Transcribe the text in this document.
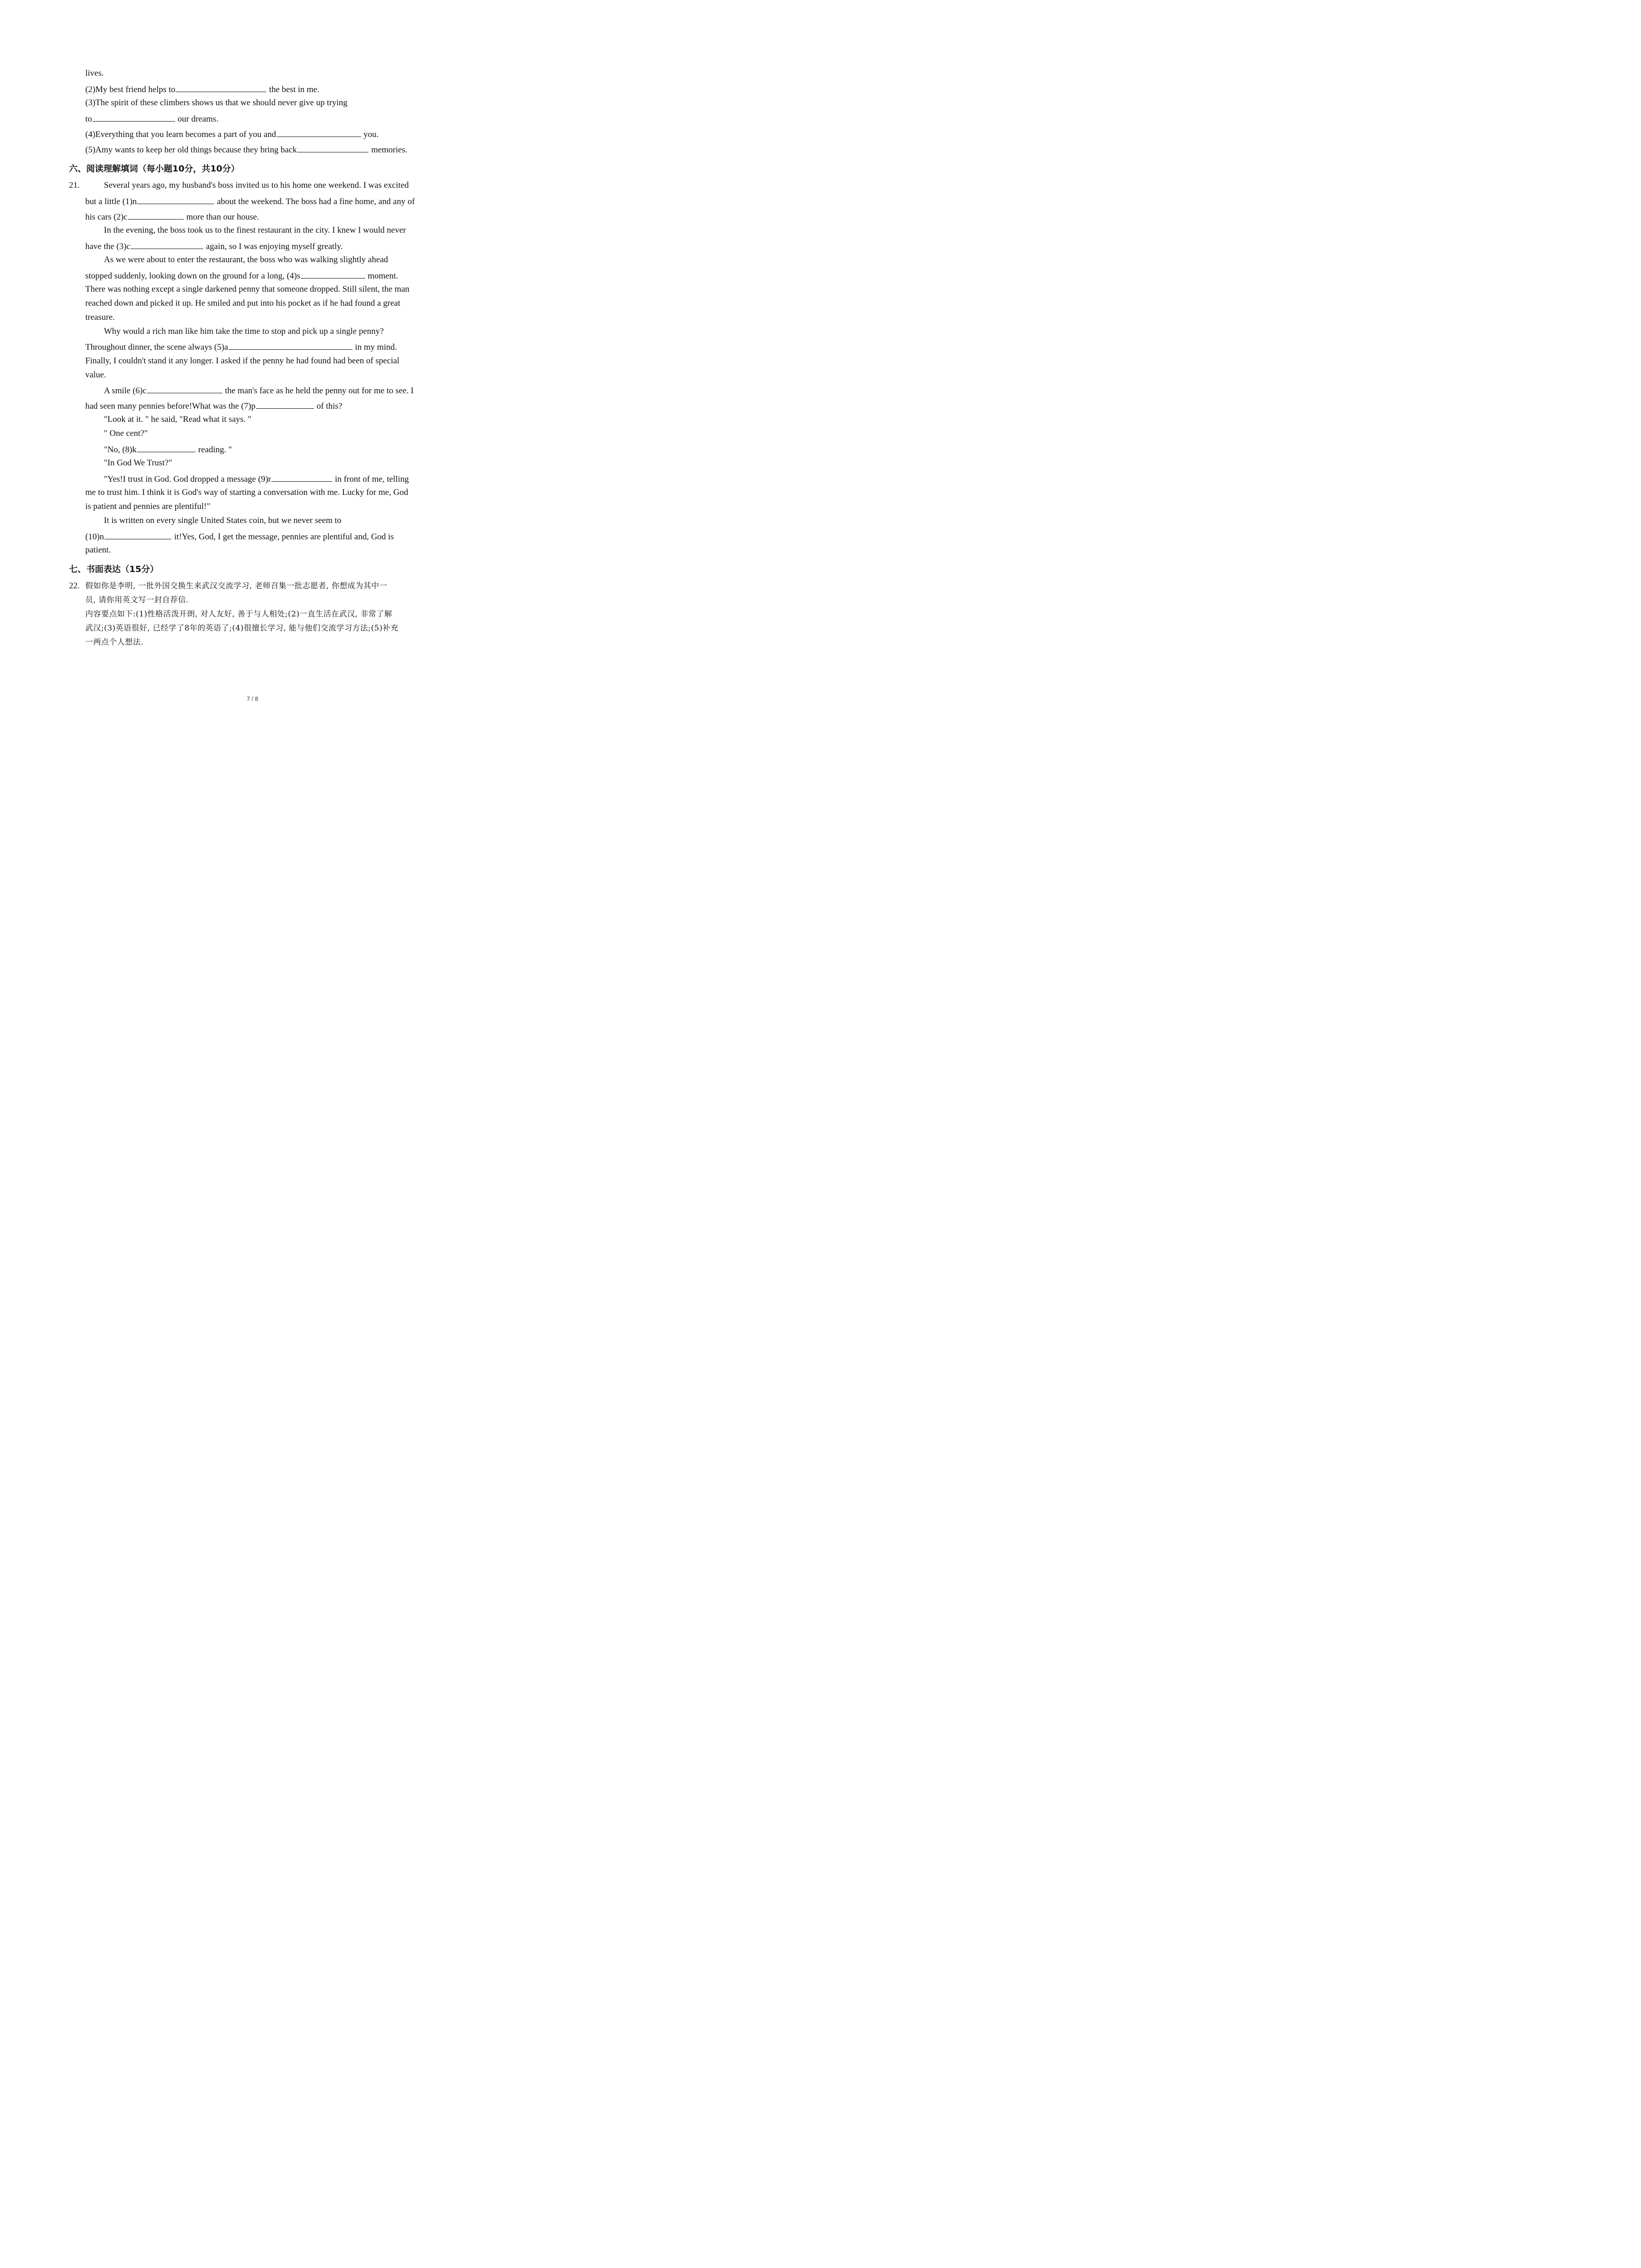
lives.
(2)My best friend helps to	the best in me.
(3)The spirit of these climbers shows us that we should never give up trying
to	our dreams.
(4)Everything that you learn becomes a part of you and	you.
(5)Amy wants to keep her old things because they bring back	memories.
六、阅读理解填词（每小题10分，共10分）
21.	Several years ago, my husband's boss invited us to his home one weekend. I was excited
but a little (1)n	about the weekend. The boss had a fine home, and any of
his cars (2)c	more than our house.
In the evening, the boss took us to the finest restaurant in the city. I knew I would never
have the (3)c	again, so I was enjoying myself greatly.
As we were about to enter the restaurant, the boss who was walking slightly ahead
stopped suddenly, looking down on the ground for a long, (4)s	moment.
There was nothing except a single darkened penny that someone dropped. Still silent, the man
reached down and picked it up. He smiled and put into his pocket as if he had found a great
treasure.
Why would a rich man like him take the time to stop and pick up a single penny?
Throughout dinner, the scene always (5)a	in my mind.
Finally, I couldn't stand it any longer. I asked if the penny he had found had been of special
value.
A smile (6)c	the man's face as he held the penny out for me to see. I
had seen many pennies before!What was the (7)p	of this?
"Look at it. " he said, "Read what it says. "
" One cent?"
"No, (8)k	reading. "
"In God We Trust?"
"Yes!I trust in God. God dropped a message (9)r	in front of me, telling
me to trust him. I think it is God's way of starting a conversation with me. Lucky for me, God
is patient and pennies are plentiful!"
It is written on every single United States coin, but we never seem to
(10)n	it!Yes, God, I get the message, pennies are plentiful and, God is
patient.
七、书面表达（15分）
22. 假如你是李明, 一批外国交换生来武汉交流学习, 老师召集一批志愿者, 你想成为其中一
员, 请你用英文写一封自荐信.
内容要点如下:(1)性格活泼开朗, 对人友好, 善于与人相处;(2)一直生活在武汉, 非常了解
武汉;(3)英语很好, 已经学了8年的英语了;(4)很擅长学习, 能与他们交流学习方法;(5)补充
一两点个人想法.
7 / 8
